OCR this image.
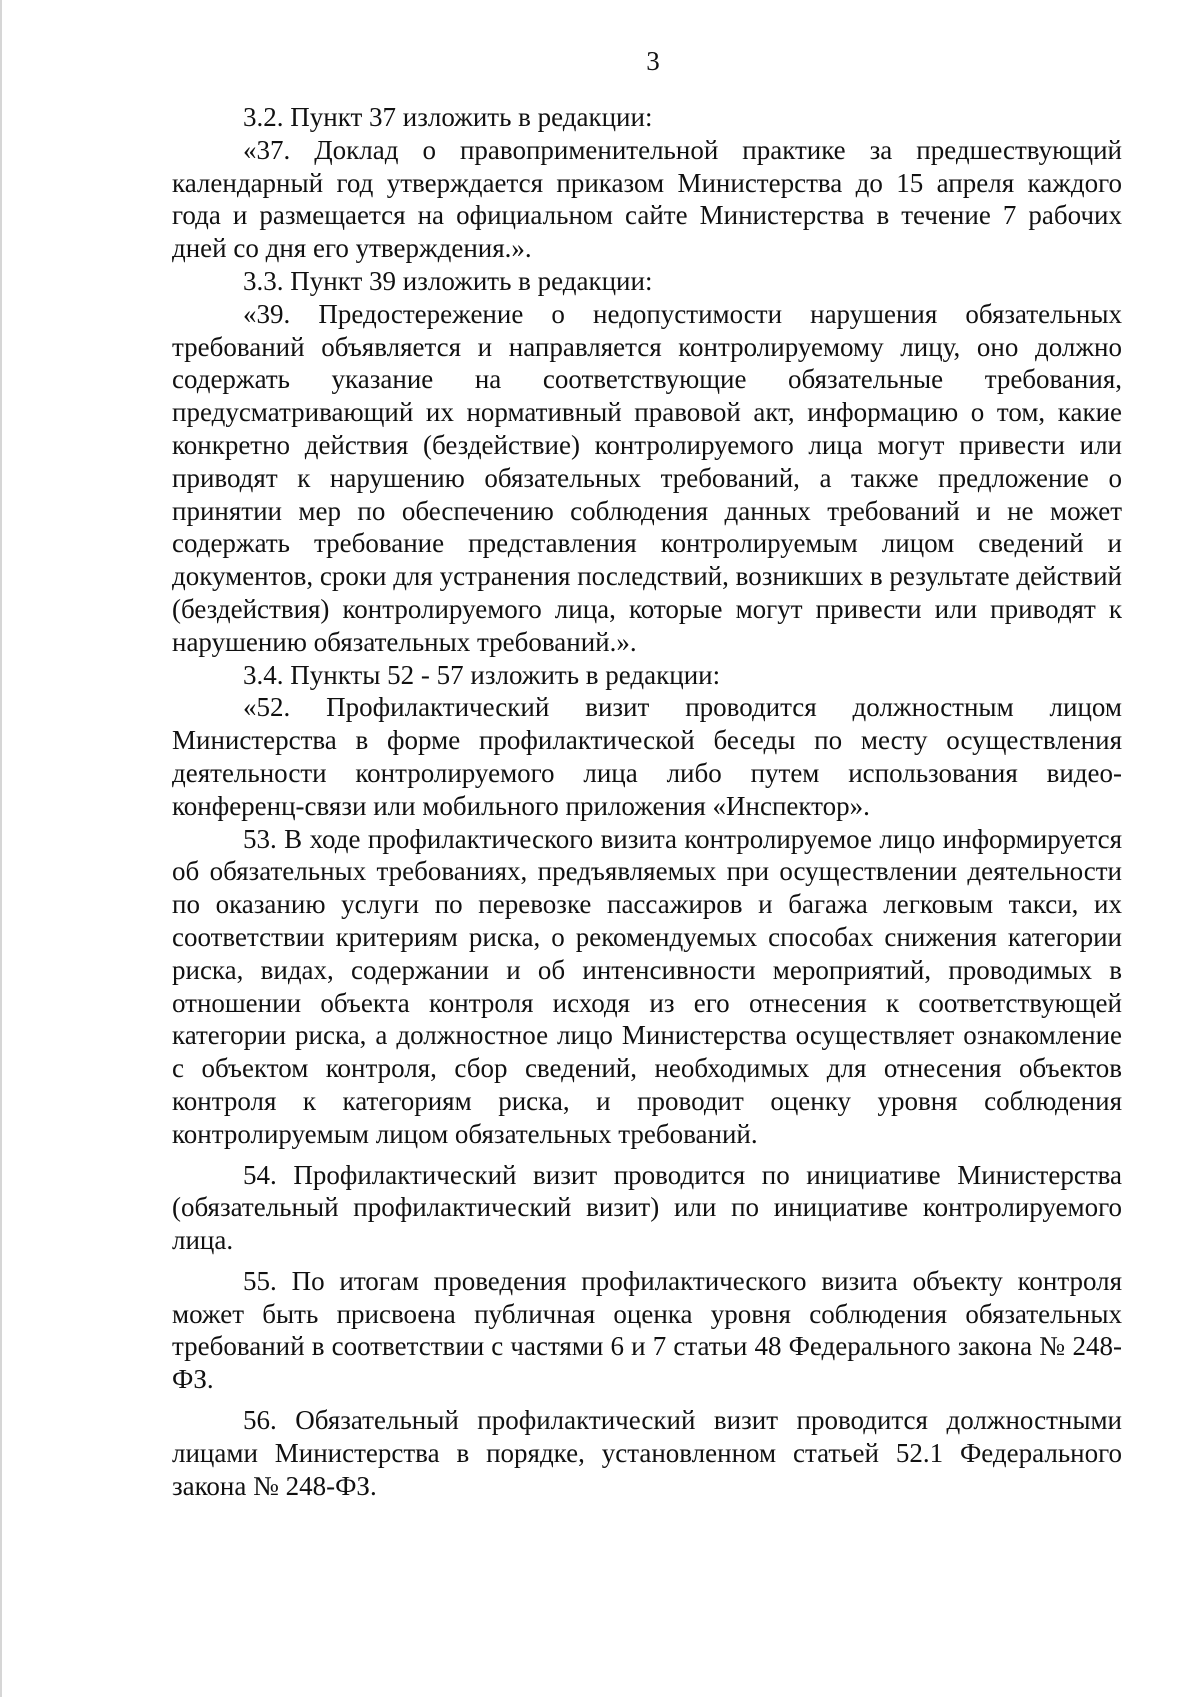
3

3.2. Пункт 37 изложить в редакции:

«37. Доклад о правоприменительной практике за предшествующий календарный год утверждается приказом Министерства до 15 апреля каждого года и размещается на официальном сайте Министерства в течение 7 рабочих дней со дня его утверждения.».

3.3. Пункт 39 изложить в редакции:

«39. Предостережение о недопустимости нарушения обязательных требований объявляется и направляется контролируемому лицу, оно должно содержать указание на соответствующие обязательные требования, предусматривающий их нормативный правовой акт, информацию о том, какие конкретно действия (бездействие) контролируемого лица могут привести или приводят к нарушению обязательных требований, а также предложение о принятии мер по обеспечению соблюдения данных требований и не может содержать требование представления контролируемым лицом сведений и документов, сроки для устранения последствий, возникших в результате действий (бездействия) контролируемого лица, которые могут привести или приводят к нарушению обязательных требований.».

3.4. Пункты 52 - 57 изложить в редакции:

«52. Профилактический визит проводится должностным лицом Министерства в форме профилактической беседы по месту осуществления деятельности контролируемого лица либо путем использования видео-конференц-связи или мобильного приложения «Инспектор».

53. В ходе профилактического визита контролируемое лицо информируется об обязательных требованиях, предъявляемых при осуществлении деятельности по оказанию услуги по перевозке пассажиров и багажа легковым такси, их соответствии критериям риска, о рекомендуемых способах снижения категории риска, видах, содержании и об интенсивности мероприятий, проводимых в отношении объекта контроля исходя из его отнесения к соответствующей категории риска, а должностное лицо Министерства осуществляет ознакомление с объектом контроля, сбор сведений, необходимых для отнесения объектов контроля к категориям риска, и проводит оценку уровня соблюдения контролируемым лицом обязательных требований.

54. Профилактический визит проводится по инициативе Министерства (обязательный профилактический визит) или по инициативе контролируемого лица.

55. По итогам проведения профилактического визита объекту контроля может быть присвоена публичная оценка уровня соблюдения обязательных требований в соответствии с частями 6 и 7 статьи 48 Федерального закона № 248-ФЗ.

56. Обязательный профилактический визит проводится должностными лицами Министерства в порядке, установленном статьей 52.1 Федерального закона № 248-ФЗ.
